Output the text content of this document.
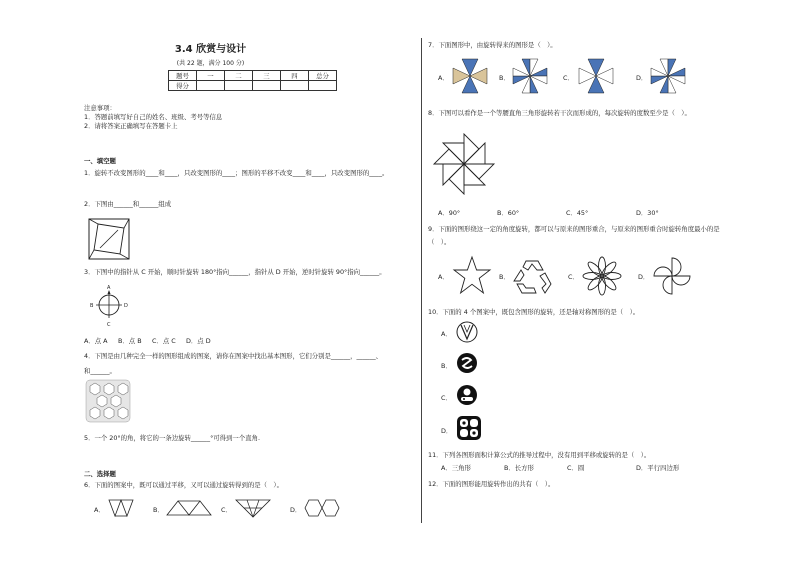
3.4 欣赏与设计
(共 22 题，满分 100 分)
题号	一	二	三	四	总分
得分					
注意事项：
1．答题前填写好自己的姓名、班级、考号等信息
2．请将答案正确填写在答题卡上
一、填空题
1．旋转不改变图形的____和____，只改变图形的____；图形的平移不改变____和____，只改变图形的____。
2．下图由______和______组成
3．下图中的指针从 C 开始，顺时针旋转 180°指向______，指针从 D 开始，逆时针旋转 90°指向______。
A
B	D
C
A．点 A B．点 B C．点 C D．点 D
4．下图是由几种完全一样的图形组成的图案，请你在图案中找出基本图形，它们分别是______，______、
和______。
5．一个 20°的角，将它的一条边旋转______°可得到一个直角.
二、选择题
6．下面的图案中，既可以通过平移，又可以通过旋转得到的是（　）。
A．	B．	C．	D．
7．下面图形中，由旋转得来的图形是（　）。
A．	B．	C．	D．
8．下图可以看作是一个等腰直角三角形旋转若干次而形成的，每次旋转的度数至少是（　）。
A．90°	B．60°	C．45°	D．30°
9．下面的图形绕这一定的角度旋转，都可以与原来的图形重合，与原来的图形重合时旋转角度最小的是
（　）。
A．	B．	C．	D．
10．下面的 4 个图案中，既包含图形的旋转，还是轴对称图形的是（　）。
A．
B．
C．
D．
11．下列各图形面积计算公式的推导过程中，没有用到平移或旋转的是（　）。
A．三角形	B．长方形	C．圆	D．平行四边形
12．下面的图形能用旋转作出的共有（　）。
